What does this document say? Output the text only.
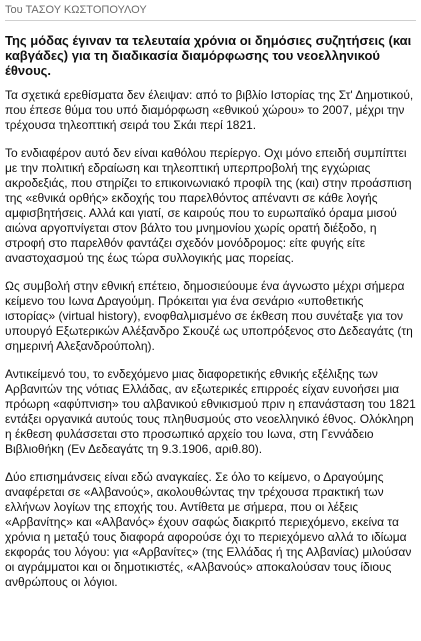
Του ΤΑΣΟΥ ΚΩΣΤΟΠΟΥΛΟΥ
Της μόδας έγιναν τα τελευταία χρόνια οι δημόσιες συζητήσεις (και καβγάδες) για τη διαδικασία διαμόρφωσης του νεοελληνικού έθνους.

Τα σχετικά ερεθίσματα δεν έλειψαν: από το βιβλίο Ιστορίας της Στ' Δημοτικού, που έπεσε θύμα του υπό διαμόρφωση «εθνικού χώρου» το 2007, μέχρι την τρέχουσα τηλεοπτική σειρά του Σκάι περί 1821.

Το ενδιαφέρον αυτό δεν είναι καθόλου περίεργο. Οχι μόνο επειδή συμπίπτει με την πολιτική εδραίωση και τηλεοπτική υπερπροβολή της εγχώριας ακροδεξιάς, που στηρίζει το επικοινωνιακό προφίλ της (και) στην προάσπιση της «εθνικά ορθής» εκδοχής του παρελθόντος απέναντι σε κάθε λογής αμφισβητήσεις. Αλλά και γιατί, σε καιρούς που το ευρωπαϊκό όραμα μισού αιώνα αργοπνίγεται στον βάλτο του μνημονίου χωρίς ορατή διέξοδο, η στροφή στο παρελθόν φαντάζει σχεδόν μονόδρομος: είτε φυγής είτε αναστοχασμού της έως τώρα συλλογικής μας πορείας.

Ως συμβολή στην εθνική επέτειο, δημοσιεύουμε ένα άγνωστο μέχρι σήμερα κείμενο του Ιωνα Δραγούμη. Πρόκειται για ένα σενάριο «υποθετικής ιστορίας» (virtual history), ενοφθαλμισμένο σε έκθεση που συνέταξε για τον υπουργό Εξωτερικών Αλέξανδρο Σκουζέ ως υποπρόξενος στο Δεδεαγάτς (τη σημερινή Αλεξανδρούπολη).

Αντικείμενό του, το ενδεχόμενο μιας διαφορετικής εθνικής εξέλιξης των Αρβανιτών της νότιας Ελλάδας, αν εξωτερικές επιρροές είχαν ευνοήσει μια πρόωρη «αφύπνιση» του αλβανικού εθνικισμού πριν η επανάσταση του 1821 εντάξει οργανικά αυτούς τους πληθυσμούς στο νεοελληνικό έθνος. Ολόκληρη η έκθεση φυλάσσεται στο προσωπικό αρχείο του Ιωνα, στη Γεννάδειο Βιβλιοθήκη (Εν Δεδεαγάτς τη 9.3.1906, αριθ.80).

Δύο επισημάνσεις είναι εδώ αναγκαίες. Σε όλο το κείμενο, ο Δραγούμης αναφέρεται σε «Αλβανούς», ακολουθώντας την τρέχουσα πρακτική των ελλήνων λογίων της εποχής του. Αντίθετα με σήμερα, που οι λέξεις «Αρβανίτης» και «Αλβανός» έχουν σαφώς διακριτό περιεχόμενο, εκείνα τα χρόνια η μεταξύ τους διαφορά αφορούσε όχι το περιεχόμενο αλλά το ιδίωμα εκφοράς του λόγου: για «Αρβανίτες» (της Ελλάδας ή της Αλβανίας) μιλούσαν οι αγράμματοι και οι δημοτικιστές, «Αλβανούς» αποκαλούσαν τους ίδιους ανθρώπους οι λόγιοι.
